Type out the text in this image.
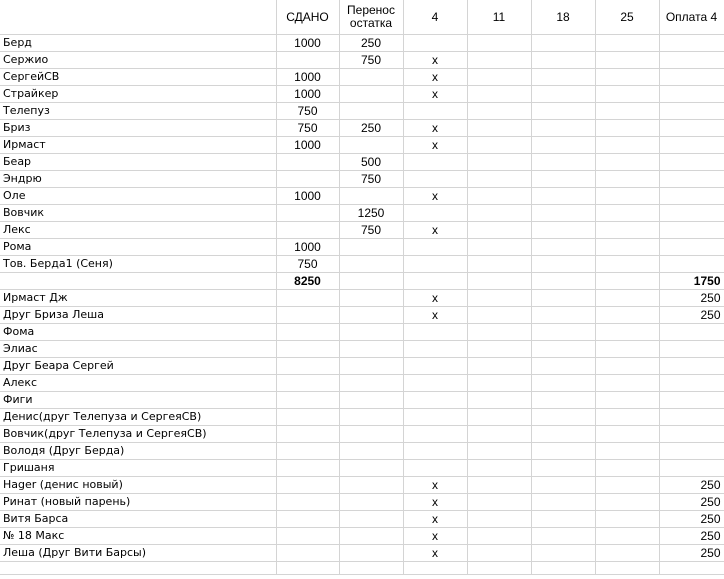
	СДАНО	Перенос остатка	4	11	18	25	Оплата 4
Берд	1000	250					
Сержио		750	x				
СергейСВ	1000		x				
Страйкер	1000		x				
Телепуз	750						
Бриз	750	250	x				
Ирмаст	1000		x				
Беар		500					
Эндрю		750					
Оле	1000		x				
Вовчик		1250					
Лекс		750	x				
Рома	1000						
Тов. Берда1 (Сеня)	750						
	8250						1750
Ирмаст Дж			x				250
Друг Бриза Леша			x				250
Фома							
Элиас							
Друг Беара Сергей							
Алекс							
Фиги							
Денис(друг Телепуза и СергеяСВ)							
Вовчик(друг Телепуза и СергеяСВ)							
Володя (Друг Берда)							
Гришаня							
Hager (денис новый)			x				250
Ринат (новый парень)			x				250
Витя Барса			x				250
№ 18 Макс			x				250
Леша (Друг Вити Барсы)			x				250
